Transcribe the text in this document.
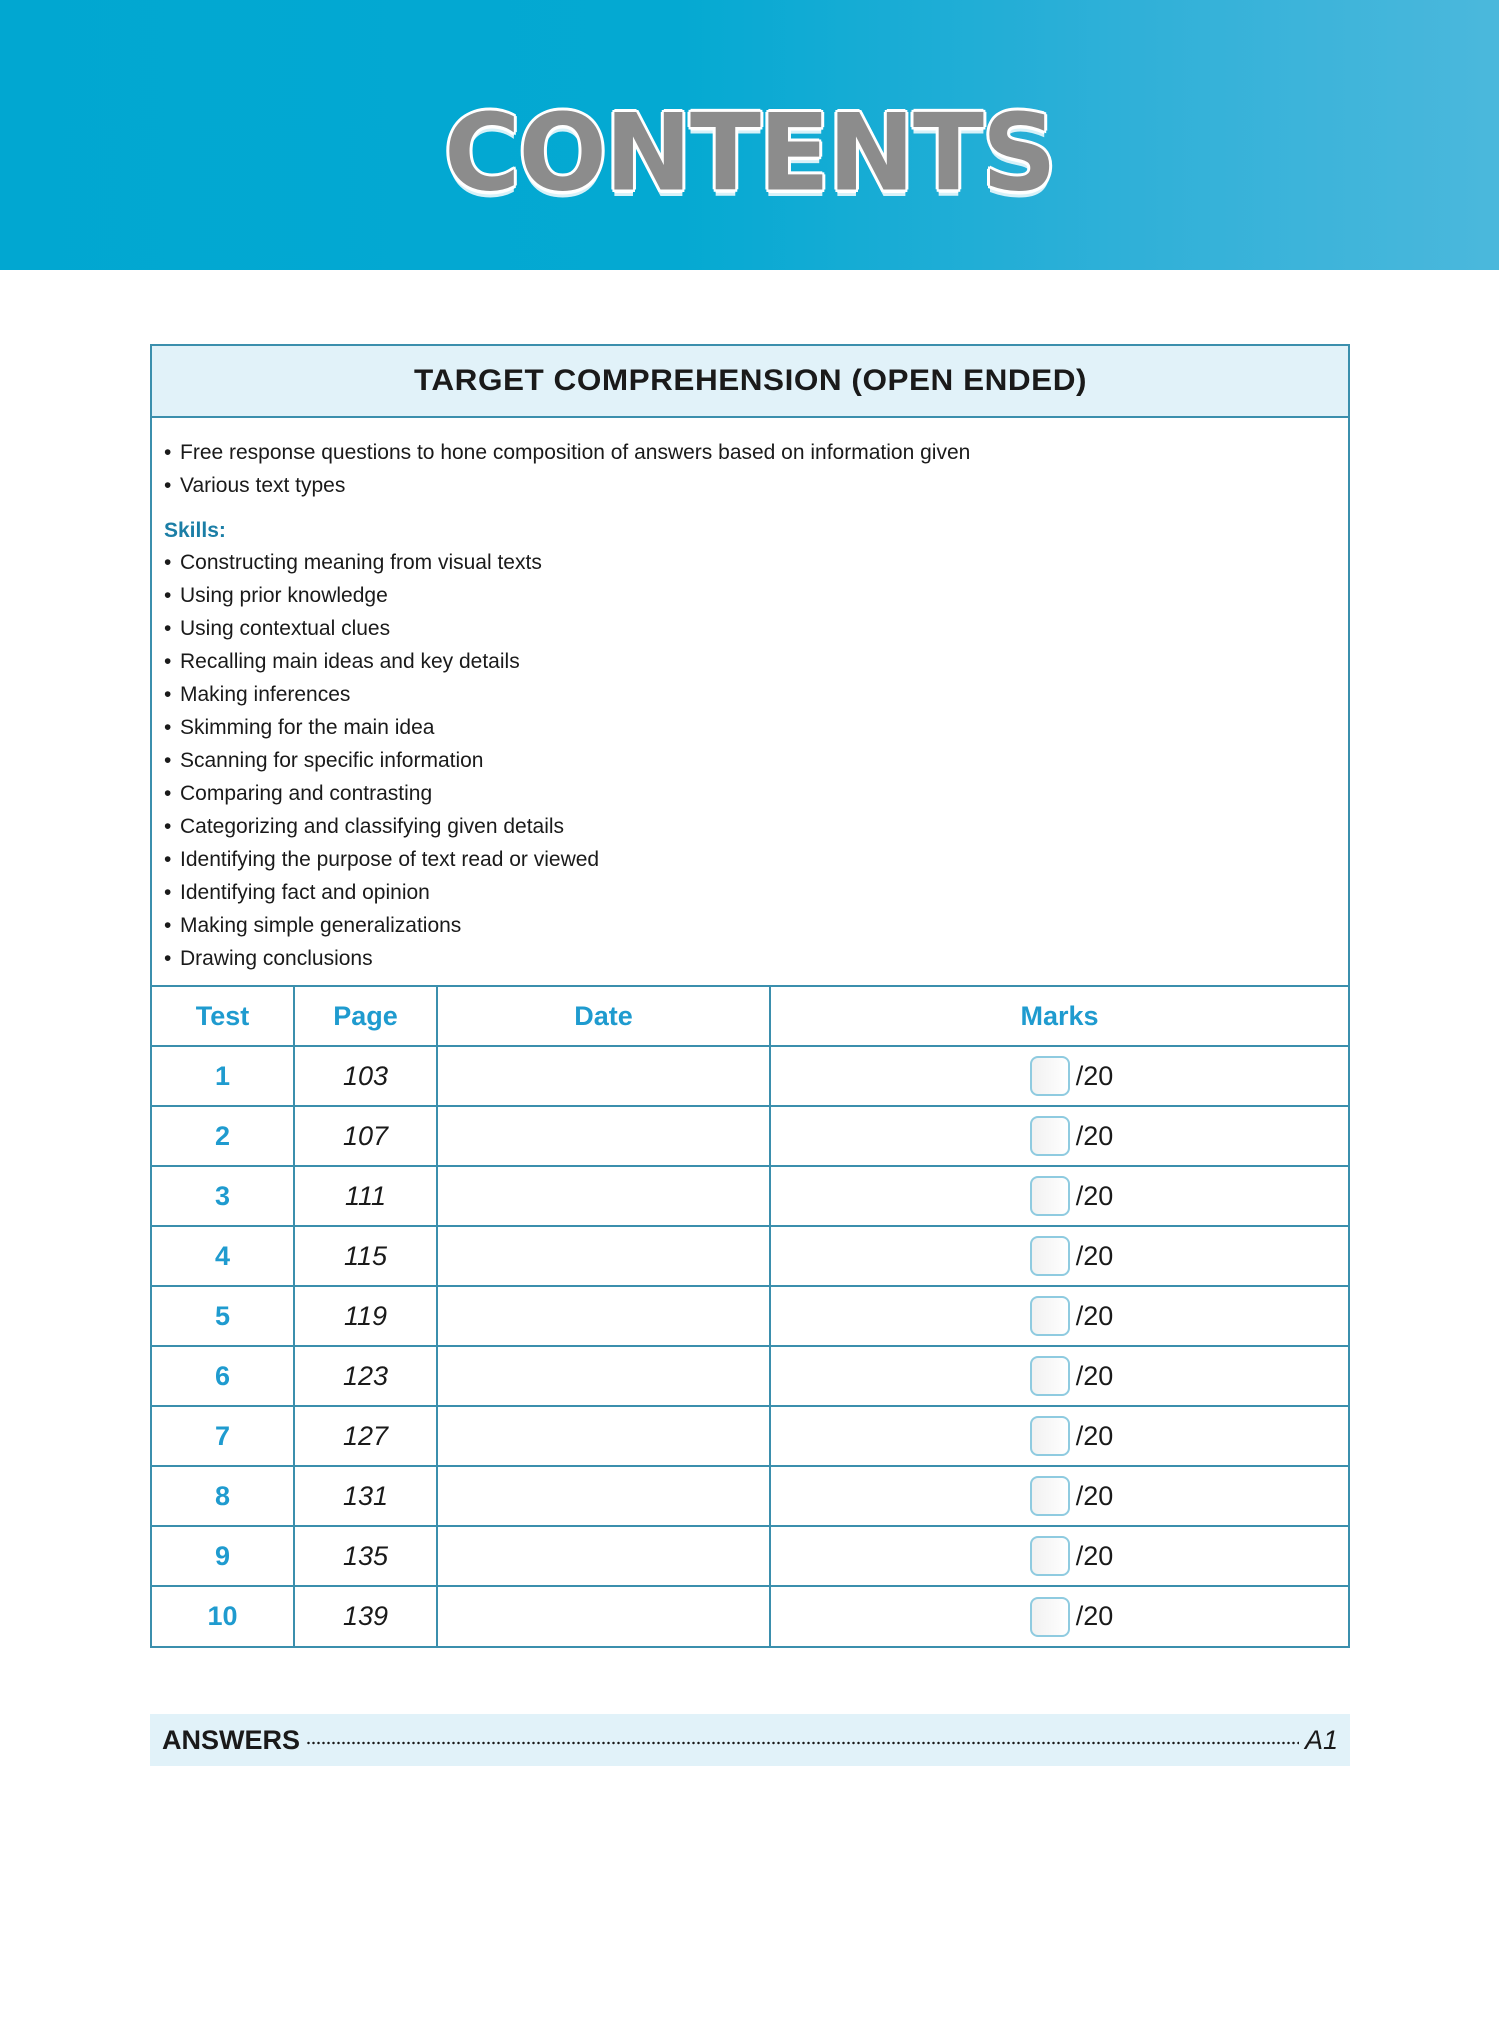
CONTENTS
TARGET COMPREHENSION (OPEN ENDED)
• Free response questions to hone composition of answers based on information given
• Various text types
Skills:
• Constructing meaning from visual texts
• Using prior knowledge
• Using contextual clues
• Recalling main ideas and key details
• Making inferences
• Skimming for the main idea
• Scanning for specific information
• Comparing and contrasting
• Categorizing and classifying given details
• Identifying the purpose of text read or viewed
• Identifying fact and opinion
• Making simple generalizations
• Drawing conclusions
Test	Page	Date	Marks
1	103		/20
2	107		/20
3	111		/20
4	115		/20
5	119		/20
6	123		/20
7	127		/20
8	131		/20
9	135		/20
10	139		/20
ANSWERS	A1
